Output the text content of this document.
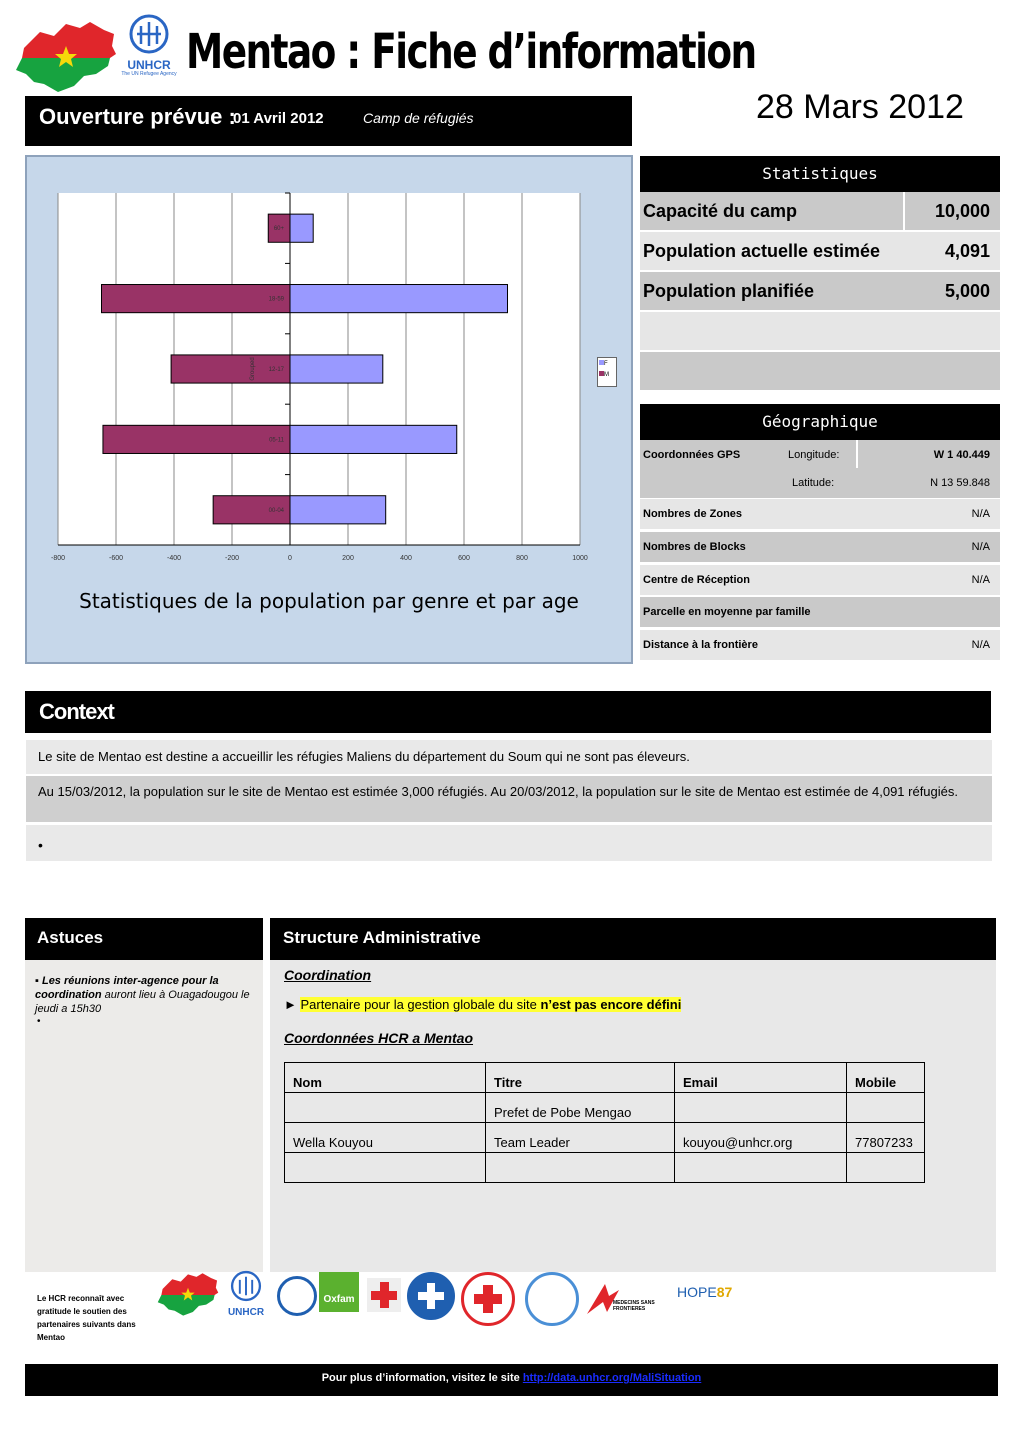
UNHCR
The UN Refugee Agency Mentao : Fiche d’information
28 Mars 2012
Ouverture prévue :
01 Avril 2012	Camp de réfugiés
-800	-600	-400	-200	0	200	400	600	800	1000
60+
18-59
12-17
05-11
00-04
Grouped	F
M
Statistiques de la population par genre et par age
Statistiques
Capacité du camp	10,000
Population actuelle estimée	4,091
Population planifiée	5,000
Géographique
Coordonnées GPS	Longitude:	W 1 40.449
Latitude:	N 13 59.848
Nombres de Zones	N/A
Nombres de Blocks	N/A
Centre de Réception	N/A
Parcelle en moyenne par famille
Distance à la frontière	N/A
Context
Le site de Mentao est destine a accueillir les réfugies Maliens du département du Soum qui ne sont pas éleveurs.
Au 15/03/2012, la population sur le site de Mentao est estimée 3,000 réfugiés. Au 20/03/2012, la population sur le site de Mentao est estimée de 4,091 réfugiés.
•
Astuces
▪ Les réunions inter-agence pour la coordination auront lieu à Ouagadougou le jeudi a 15h30
•
Structure Administrative
Coordination
► Partenaire pour la gestion globale du site n’est pas encore défini
Coordonnées HCR a Mentao
Nom	Titre	Email	Mobile
	Prefet de Pobe Mengao		
Wella Kouyou	Team Leader	kouyou@unhcr.org	77807233

Le HCR reconnaît avec gratitude le soutien des partenaires suivants dans Mentao
UNHCR
Oxfam	MEDECINS SANS FRONTIERES
HOPE87
Pour plus d’information, visitez le site http://data.unhcr.org/MaliSituation
